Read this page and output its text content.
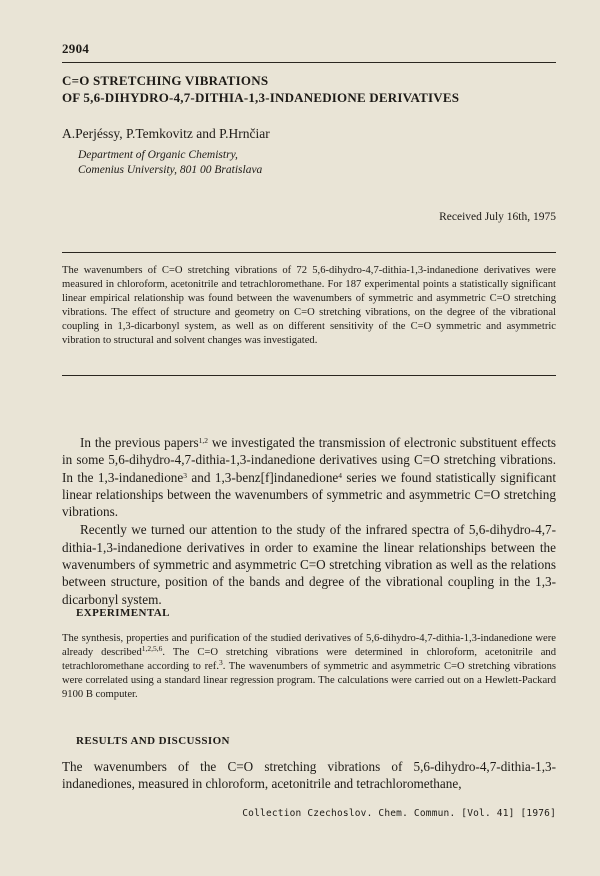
2904
C=O STRETCHING VIBRATIONS
OF 5,6-DIHYDRO-4,7-DITHIA-1,3-INDANEDIONE DERIVATIVES
A.Perjéssy, P.Temkovitz and P.Hrnčiar
Department of Organic Chemistry,
Comenius University, 801 00 Bratislava
Received July 16th, 1975
The wavenumbers of C=O stretching vibrations of 72 5,6-dihydro-4,7-dithia-1,3-indanedione derivatives were measured in chloroform, acetonitrile and tetrachloromethane. For 187 experimental points a statistically significant linear empirical relationship was found between the wavenumbers of symmetric and asymmetric C=O stretching vibrations. The effect of structure and geometry on C=O stretching vibrations, on the degree of the vibrational coupling in 1,3-dicarbonyl system, as well as on different sensitivity of the C=O symmetric and asymmetric vibration to structural and solvent changes was investigated.

In the previous papers$^{1,2}$ we investigated the transmission of electronic substituent effects in some 5,6-dihydro-4,7-dithia-1,3-indanedione derivatives using C=O stretching vibrations. In the 1,3-indanedione$^3$ and 1,3-benz[f]indanedione$^4$ series we found statistically significant linear relationships between the wavenumbers of symmetric and asymmetric C=O stretching vibrations.

Recently we turned our attention to the study of the infrared spectra of 5,6-dihydro-4,7-dithia-1,3-indanedione derivatives in order to examine the linear relationships between the wavenumbers of symmetric and asymmetric C=O stretching vibration as well as the relations between structure, position of the bands and degree of the vibrational coupling in the 1,3-dicarbonyl system.

EXPERIMENTAL
The synthesis, properties and purification of the studied derivatives of 5,6-dihydro-4,7-dithia-1,3-indanedione were already described$^{1,2,5,6}$. The C=O stretching vibrations were determined in chloroform, acetonitrile and tetrachloromethane according to ref.$^3$. The wavenumbers of symmetric and asymmetric C=O stretching vibrations were correlated using a standard linear regression program. The calculations were carried out on a Hewlett-Packard 9100 B computer.
RESULTS AND DISCUSSION
The wavenumbers of the C=O stretching vibrations of 5,6-dihydro-4,7-dithia-1,3-indanediones, measured in chloroform, acetonitrile and tetrachloromethane,
Collection Czechoslov. Chem. Commun. [Vol. 41] [1976]
